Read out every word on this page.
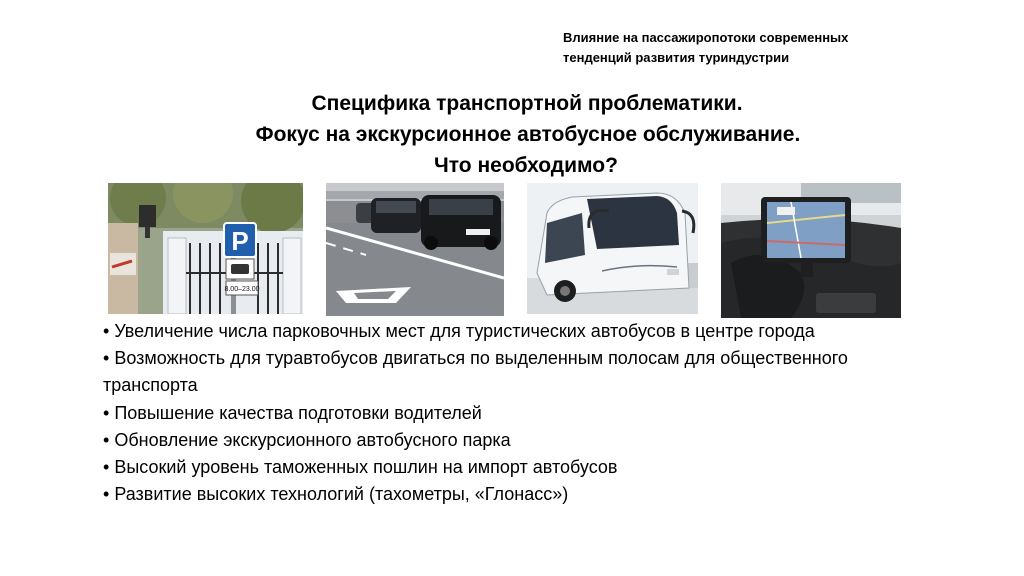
Влияние на пассажиропотоки современных
тенденций развития туриндустрии
Специфика транспортной проблематики.
Фокус на экскурсионное автобусное обслуживание.
Что необходимо?
P
8.00–23.00
• Увеличение числа парковочных мест для туристических автобусов в центре города
• Возможность для туравтобусов двигаться по выделенным полосам для общественного транспорта
• Повышение качества подготовки водителей
• Обновление экскурсионного автобусного парка
• Высокий уровень таможенных пошлин на импорт автобусов
• Развитие высоких технологий (тахометры, «Глонасс»)
